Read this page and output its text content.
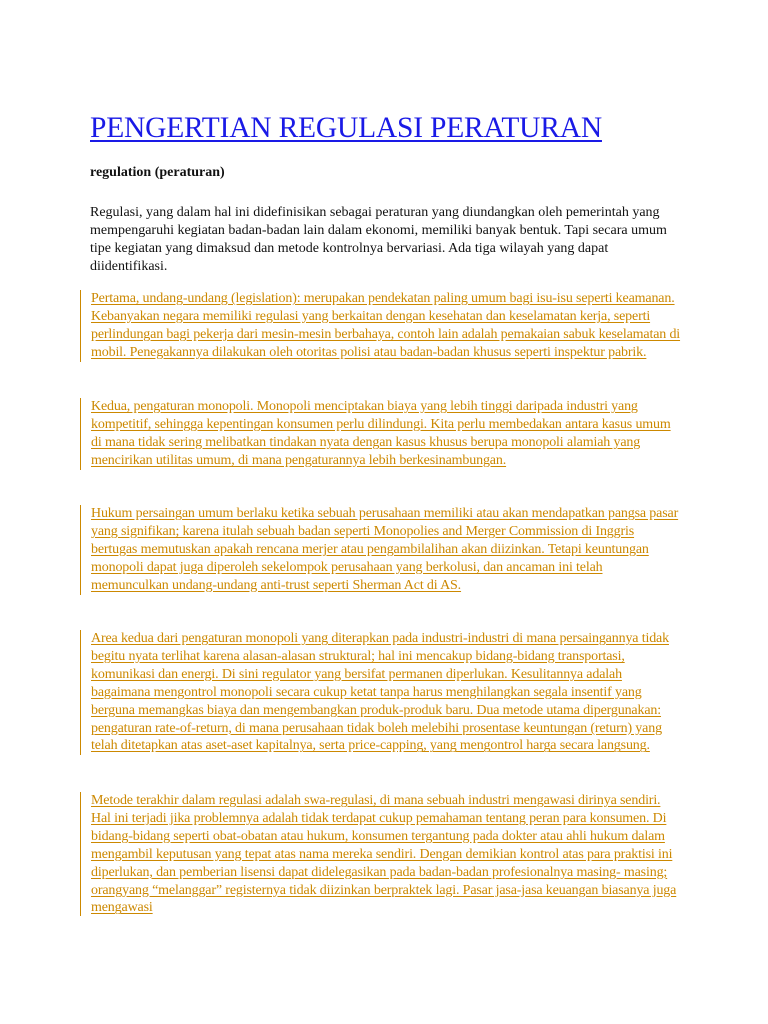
PENGERTIAN REGULASI PERATURAN

regulation (peraturan)

Regulasi, yang dalam hal ini didefinisikan sebagai peraturan yang diundangkan oleh pemerintah yang mempengaruhi kegiatan badan-badan lain dalam ekonomi, memiliki banyak bentuk. Tapi secara umum tipe kegiatan yang dimaksud dan metode kontrolnya bervariasi. Ada tiga wilayah yang dapat diidentifikasi.

Pertama, undang-undang (legislation): merupakan pendekatan paling umum bagi isu-isu seperti keamanan. Kebanyakan negara memiliki regulasi yang berkaitan dengan kesehatan dan keselamatan kerja, seperti perlindungan bagi pekerja dari mesin-mesin berbahaya, contoh lain adalah pemakaian sabuk keselamatan di mobil. Penegakannya dilakukan oleh otoritas polisi atau badan-badan khusus seperti inspektur pabrik.

Kedua, pengaturan monopoli. Monopoli menciptakan biaya yang lebih tinggi daripada industri yang kompetitif, sehingga kepentingan konsumen perlu dilindungi. Kita perlu membedakan antara kasus umum di mana tidak sering melibatkan tindakan nyata dengan kasus khusus berupa monopoli alamiah yang mencirikan utilitas umum, di mana pengaturannya lebih berkesinambungan.

Hukum persaingan umum berlaku ketika sebuah perusahaan memiliki atau akan mendapatkan pangsa pasar yang signifikan; karena itulah sebuah badan seperti Monopolies and Merger Commission di Inggris bertugas memutuskan apakah rencana merjer atau pengambilalihan akan diizinkan. Tetapi keuntungan monopoli dapat juga diperoleh sekelompok perusahaan yang berkolusi, dan ancaman ini telah memunculkan undang-undang anti-trust seperti Sherman Act di AS.

Area kedua dari pengaturan monopoli yang diterapkan pada industri-industri di mana persaingannya tidak begitu nyata terlihat karena alasan-alasan struktural; hal ini mencakup bidang-bidang transportasi, komunikasi dan energi. Di sini regulator yang bersifat permanen diperlukan. Kesulitannya adalah bagaimana mengontrol monopoli secara cukup ketat tanpa harus menghilangkan segala insentif yang berguna memangkas biaya dan mengembangkan produk-produk baru. Dua metode utama dipergunakan: pengaturan rate-of-return, di mana perusahaan tidak boleh melebihi prosentase keuntungan (return) yang telah ditetapkan atas aset-aset kapitalnya, serta price-capping, yang mengontrol harga secara langsung.

Metode terakhir dalam regulasi adalah swa-regulasi, di mana sebuah industri mengawasi dirinya sendiri. Hal ini terjadi jika problemnya adalah tidak terdapat cukup pemahaman tentang peran para konsumen. Di bidang-bidang seperti obat-obatan atau hukum, konsumen tergantung pada dokter atau ahli hukum dalam mengambil keputusan yang tepat atas nama mereka sendiri. Dengan demikian kontrol atas para praktisi ini diperlukan, dan pemberian lisensi dapat didelegasikan pada badan-badan profesionalnya masing- masing; orangyang “melanggar” registernya tidak diizinkan berpraktek lagi. Pasar jasa-jasa keuangan biasanya juga mengawasi
